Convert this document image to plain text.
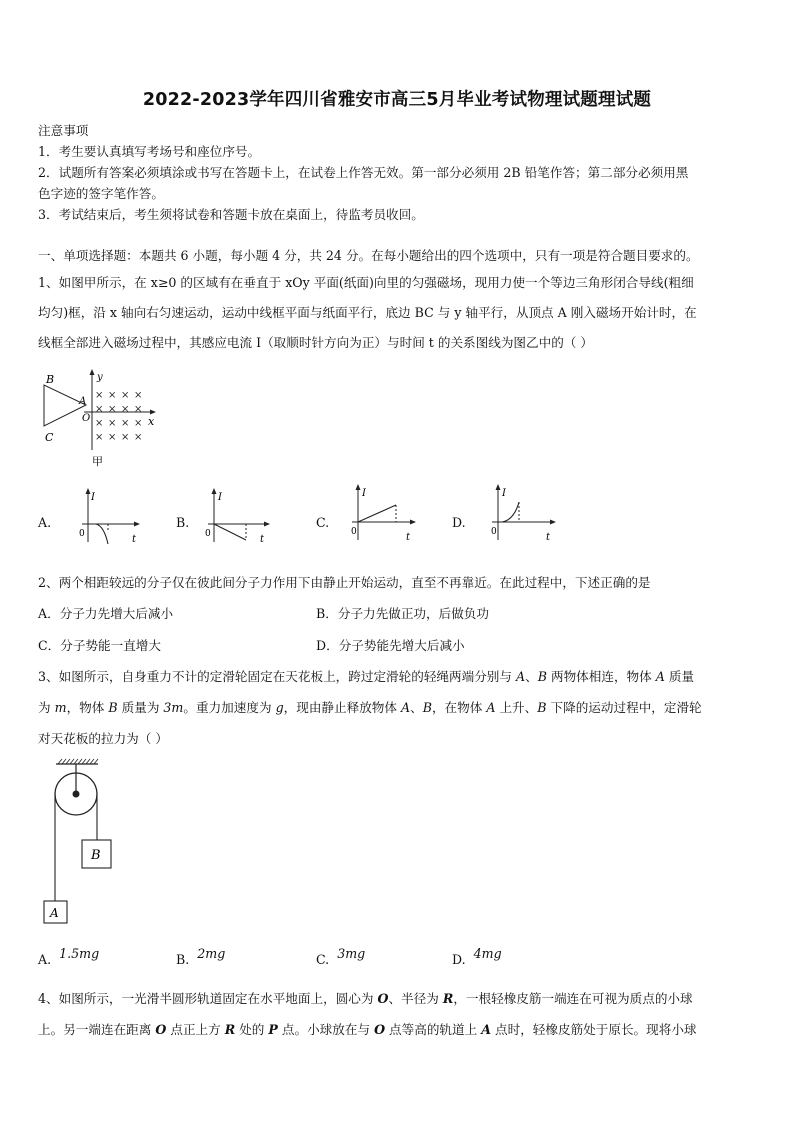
2022-2023学年四川省雅安市高三5月毕业考试物理试题理试题
注意事项
1．考生要认真填写考场号和座位序号。
2．试题所有答案必须填涂或书写在答题卡上，在试卷上作答无效。第一部分必须用 2B 铅笔作答；第二部分必须用黑
色字迹的签字笔作答。
3．考试结束后，考生须将试卷和答题卡放在桌面上，待监考员收回。
一、单项选择题：本题共 6 小题，每小题 4 分，共 24 分。在每小题给出的四个选项中，只有一项是符合题目要求的。
1、如图甲所示，在 x≥0 的区域有在垂直于 xOy 平面(纸面)向里的匀强磁场，现用力使一个等边三角形闭合导线(粗细
均匀)框，沿 x 轴向右匀速运动，运动中线框平面与纸面平行，底边 BC 与 y 轴平行，从顶点 A 刚入磁场开始计时，在
线框全部进入磁场过程中，其感应电流 I（取顺时针方向为正）与时间 t 的关系图线为图乙中的（ ）
× × × ×
× × × ×
× × × ×
× × × ×
B
A
C
O	x
y
甲
A.
I
t
0
B.
I
t
0
C.
I
t
0
D.
I
t
0
2、两个相距较远的分子仅在彼此间分子力作用下由静止开始运动，直至不再靠近。在此过程中，下述正确的是
A．分子力先增大后减小	B．分子力先做正功，后做负功
C．分子势能一直增大	D．分子势能先增大后减小
3、如图所示，自身重力不计的定滑轮固定在天花板上，跨过定滑轮的轻绳两端分别与 A、B 两物体相连，物体 A 质量
为 m，物体 B 质量为 3m。重力加速度为 g，现由静止释放物体 A、B，在物体 A 上升、B 下降的运动过程中，定滑轮
对天花板的拉力为（ ）
B
A
A. 1.5mg	B. 2mg	C. 3mg	D. 4mg
4、如图所示，一光滑半圆形轨道固定在水平地面上，圆心为 O、半径为 R，一根轻橡皮筋一端连在可视为质点的小球
上。另一端连在距离 O 点正上方 R 处的 P 点。小球放在与 O 点等高的轨道上 A 点时，轻橡皮筋处于原长。现将小球
